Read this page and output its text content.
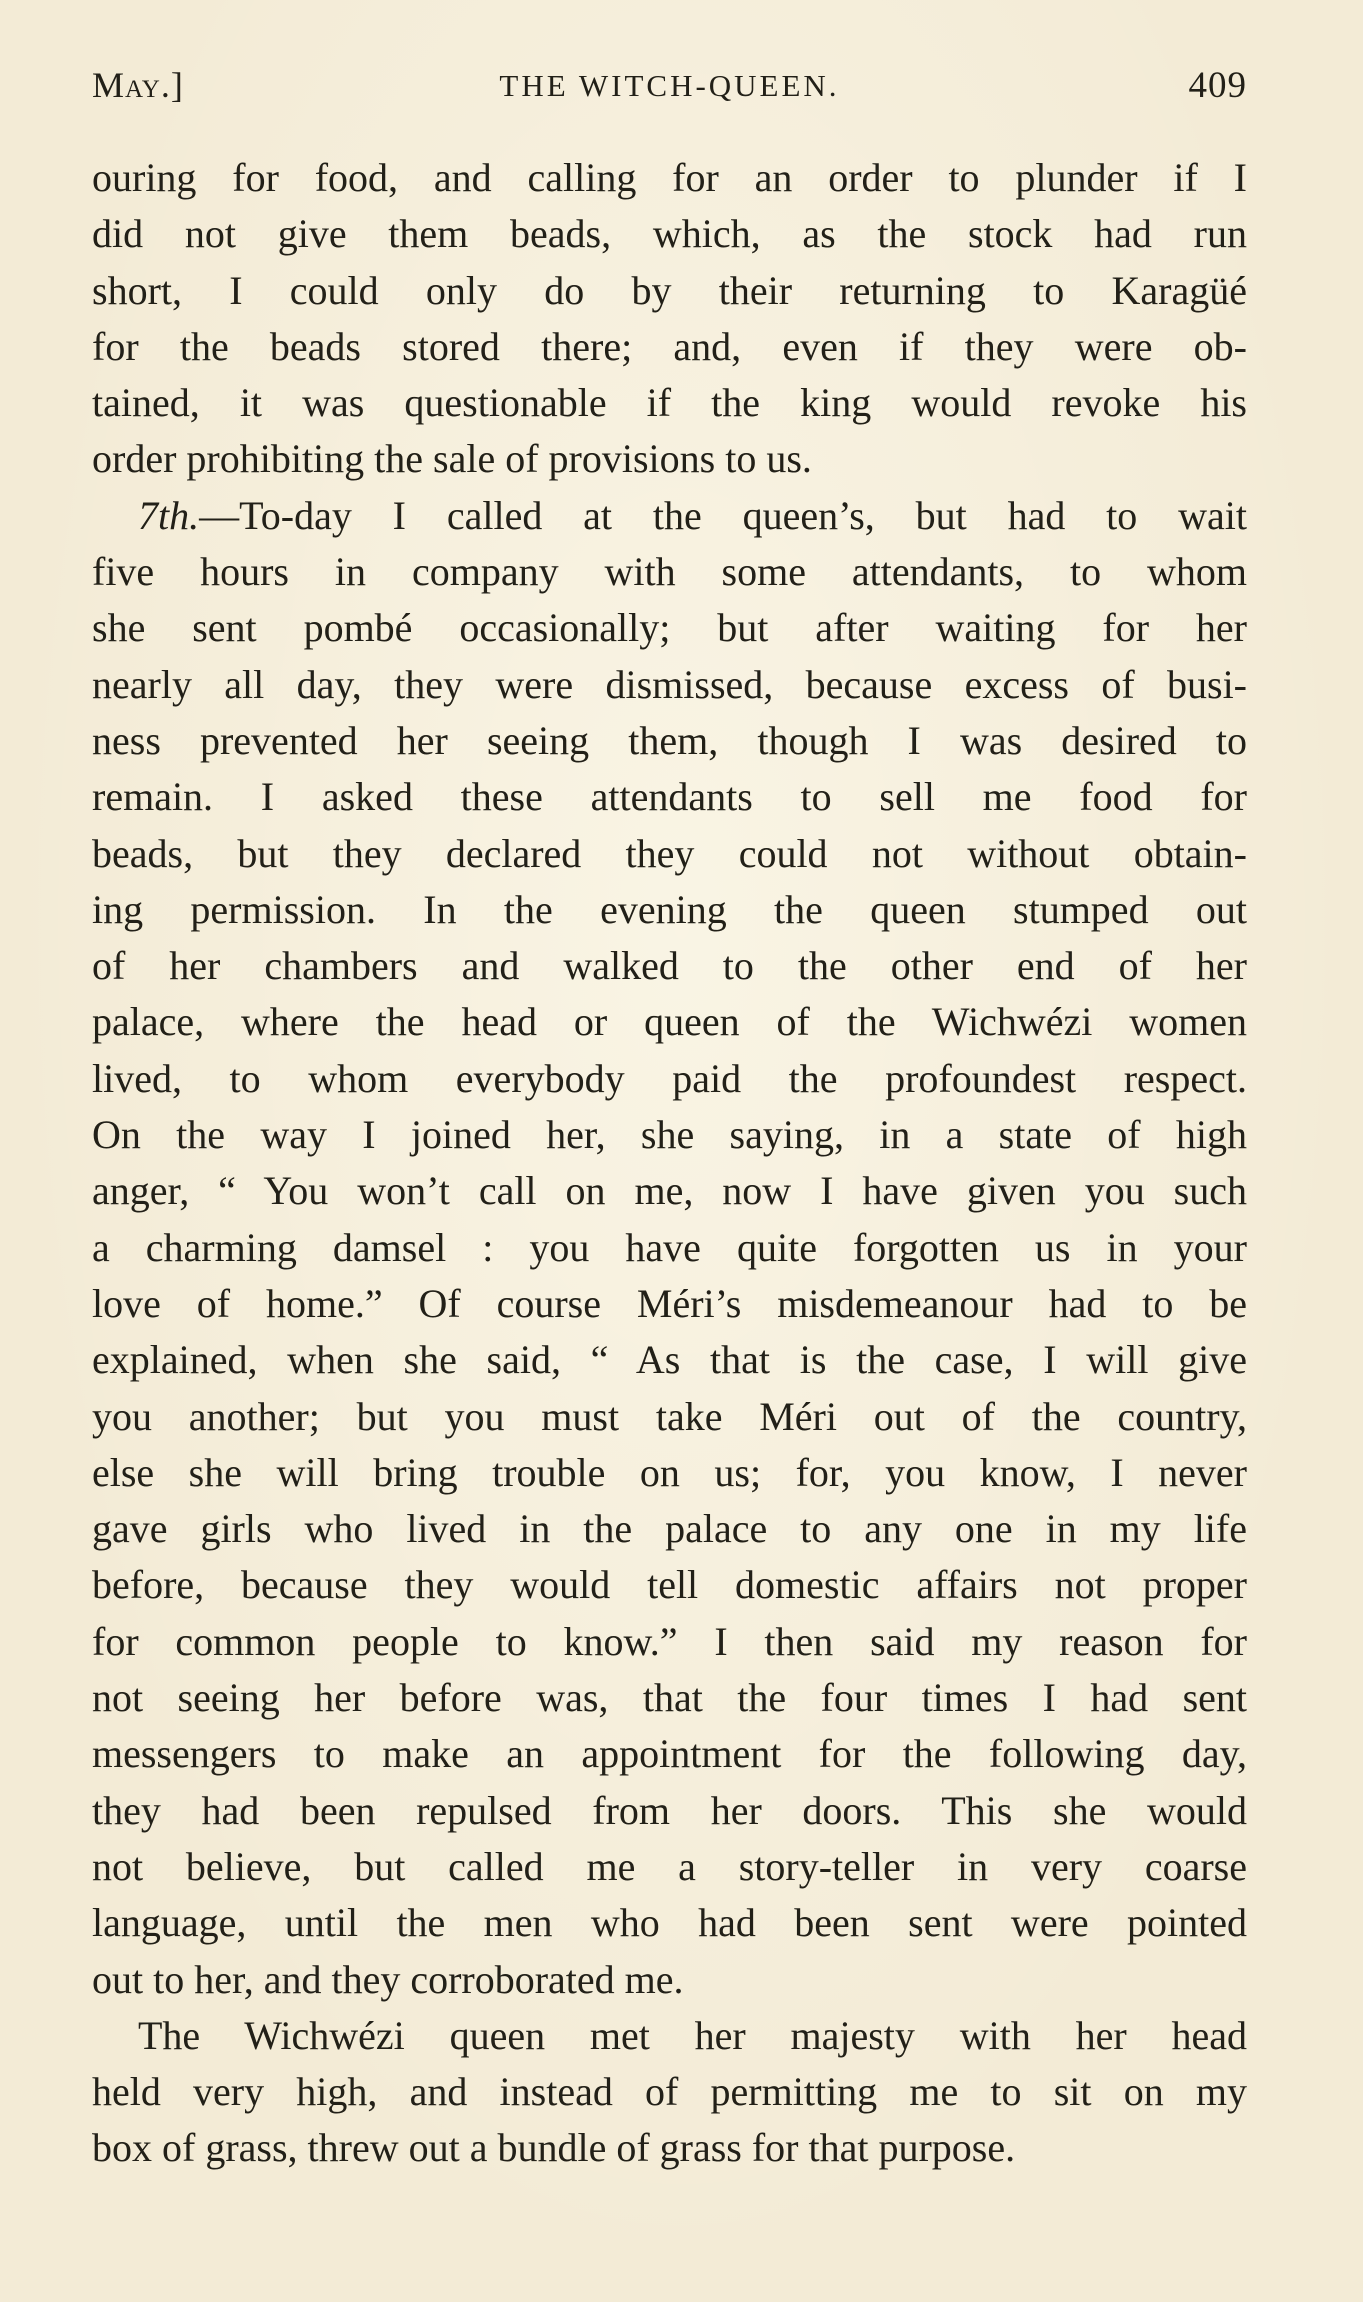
May.]	THE WITCH-QUEEN.	409
ouring for food, and calling for an order to plunder if I
did not give them beads, which, as the stock had run
short, I could only do by their returning to Karagüé
for the beads stored there; and, even if they were ob-
tained, it was questionable if the king would revoke his
order prohibiting the sale of provisions to us.
7th.—To-day I called at the queen’s, but had to wait
five hours in company with some attendants, to whom
she sent pombé occasionally; but after waiting for her
nearly all day, they were dismissed, because excess of busi-
ness prevented her seeing them, though I was desired to
remain. I asked these attendants to sell me food for
beads, but they declared they could not without obtain-
ing permission. In the evening the queen stumped out
of her chambers and walked to the other end of her
palace, where the head or queen of the Wichwézi women
lived, to whom everybody paid the profoundest respect.
On the way I joined her, she saying, in a state of high
anger, “ You won’t call on me, now I have given you such
a charming damsel : you have quite forgotten us in your
love of home.” Of course Méri’s misdemeanour had to be
explained, when she said, “ As that is the case, I will give
you another; but you must take Méri out of the country,
else she will bring trouble on us; for, you know, I never
gave girls who lived in the palace to any one in my life
before, because they would tell domestic affairs not proper
for common people to know.” I then said my reason for
not seeing her before was, that the four times I had sent
messengers to make an appointment for the following day,
they had been repulsed from her doors. This she would
not believe, but called me a story-teller in very coarse
language, until the men who had been sent were pointed
out to her, and they corroborated me.
The Wichwézi queen met her majesty with her head
held very high, and instead of permitting me to sit on my
box of grass, threw out a bundle of grass for that purpose.
